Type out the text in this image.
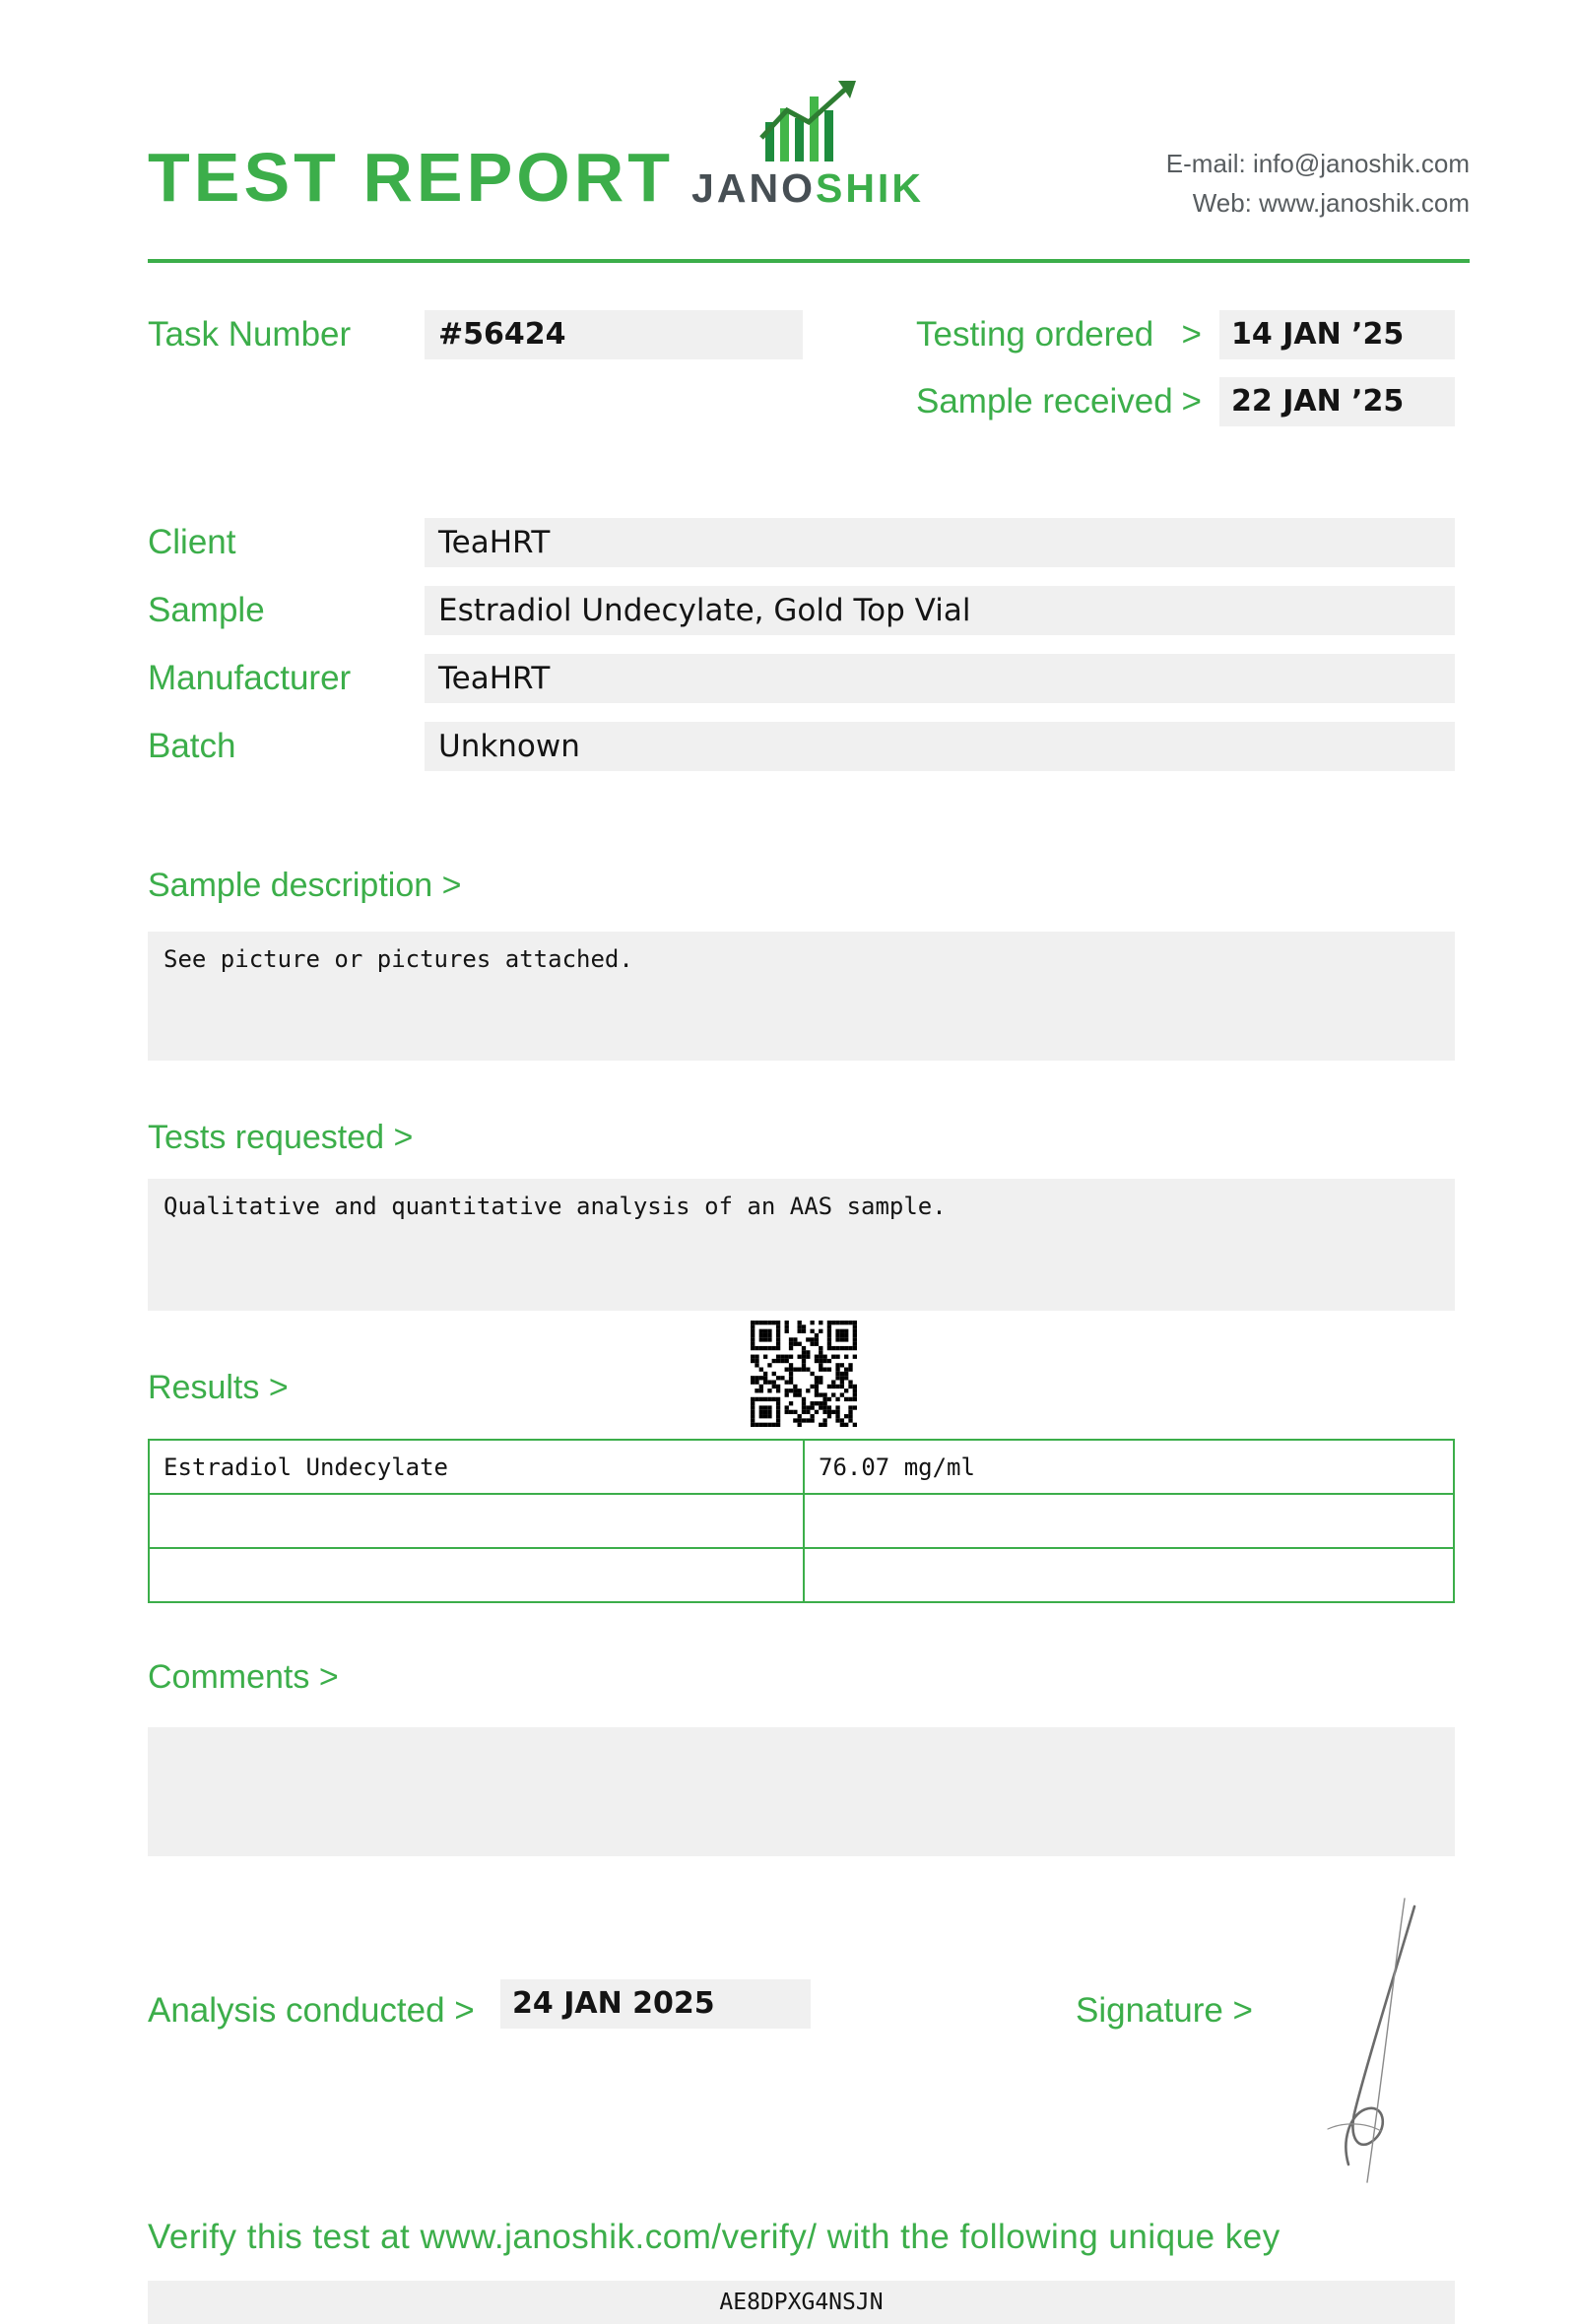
TEST REPORT JANOSHIK
E-mail: info@janoshik.com
Web: www.janoshik.com
Task Number	#56424	Testing ordered >	14 JAN ’25
Sample received >	22 JAN ’25
Client	TeaHRT
Sample	Estradiol Undecylate, Gold Top Vial
Manufacturer	TeaHRT
Batch	Unknown
Sample description >
See picture or pictures attached.
Tests requested >
Qualitative and quantitative analysis of an AAS sample.
Results >
Estradiol Undecylate	76.07 mg/ml

Comments >
Analysis conducted >	24 JAN 2025	Signature >
Verify this test at www.janoshik.com/verify/ with the following unique key
AE8DPXG4NSJN
